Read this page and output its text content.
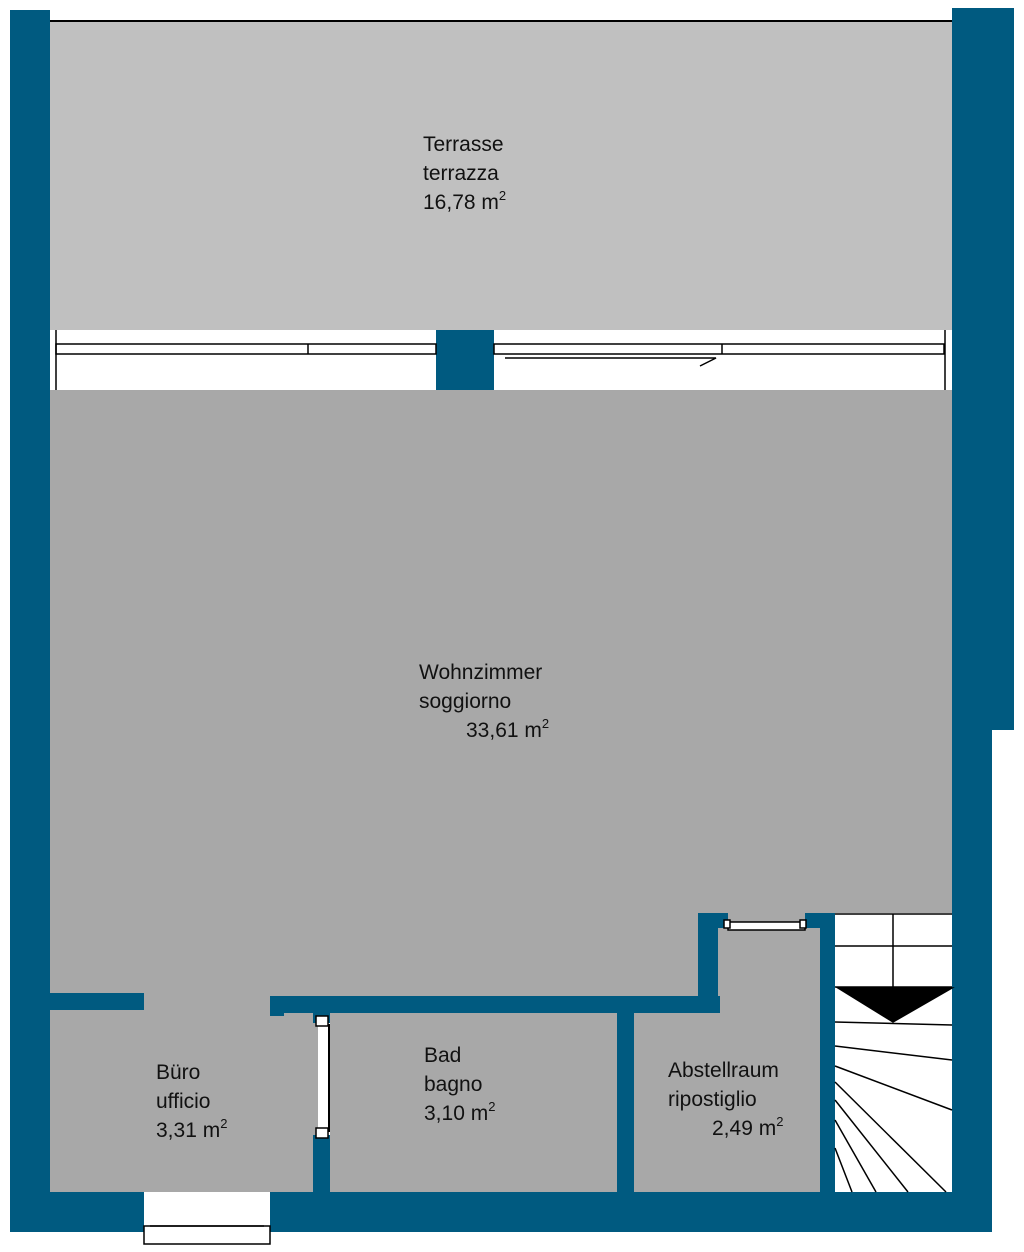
Terrasse terrazza 16,78 $m^2$
Wohnzimmer soggiorno 33,61 $m^2$
Büro ufficio 3,31 $m^2$
Bad bagno 3,10 $m^2$
Abstellraum ripostiglio 2,49 $m^2$
